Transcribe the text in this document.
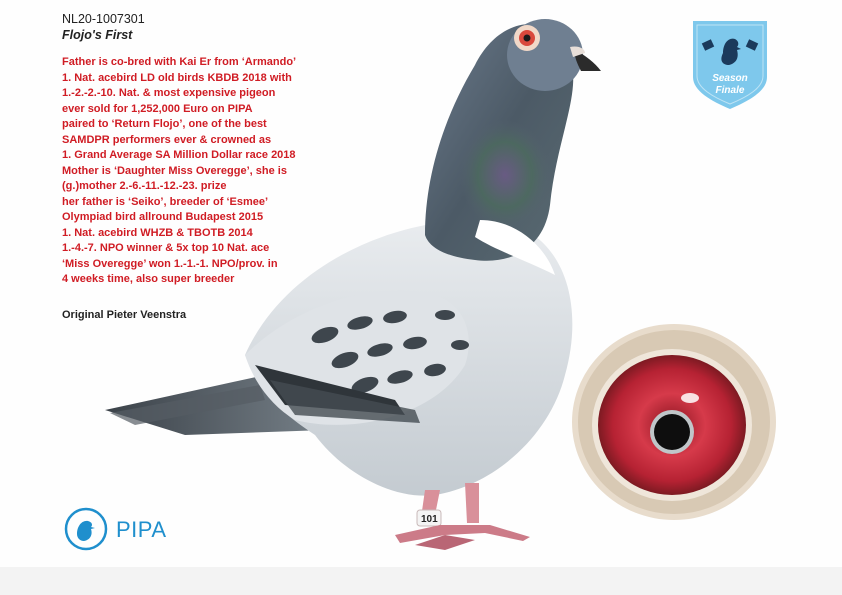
NL20-1007301
Flojo's First
Father is co-bred with Kai Er from ‘Armando’
1. Nat. acebird LD old birds KBDB 2018 with
1.-2.-2.-10. Nat. & most expensive pigeon
ever sold for 1,252,000 Euro on PIPA
paired to ‘Return Flojo’, one of the best
SAMDPR performers ever & crowned as
1. Grand Average SA Million Dollar race 2018
Mother is ‘Daughter Miss Overegge’, she is
(g.)mother 2.-6.-11.-12.-23. prize
her father is ‘Seiko’, breeder of ‘Esmee’
Olympiad bird allround Budapest 2015
1. Nat. acebird WHZB & TBOTB 2014
1.-4.-7. NPO winner & 5x top 10 Nat. ace
‘Miss Overegge’ won 1.-1.-1. NPO/prov. in
4 weeks time, also super breeder
Original Pieter Veenstra
101
Season
Finale
PIPA
